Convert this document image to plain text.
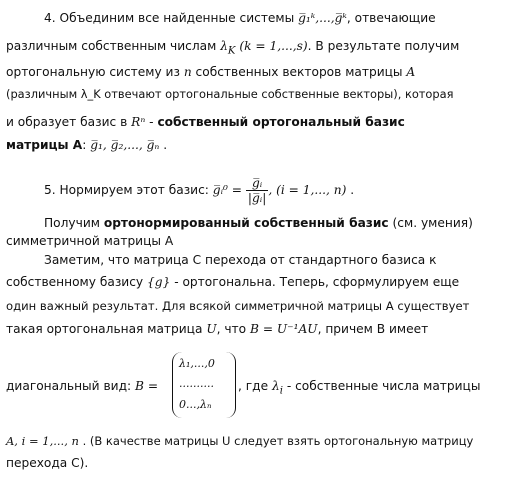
4. Объединим все найденные системы g̅₁ᵏ,...,g̅ᵏ, отвечающие
различным собственным числам $\lambda_K$ (k = 1,...,s). В результате получим
ортогональную систему из n собственных векторов матрицы A
(различным λ_K отвечают ортогональные собственные векторы), которая
и образует базис в Rⁿ - собственный ортогональный базис
матрицы A: g̅₁, g̅₂,..., g̅ₙ .
5. Нормируем этот базис: g̅ᵢ⁰ = $\frac{\text{g̅ᵢ}}{\text{|g̅ᵢ|}}$ , (i = 1,..., n) .
Получим ортонормированный собственный базис (см. умения)
симметричной матрицы A
Заметим, что матрица C перехода от стандартного базиса к
собственному базису {g} - ортогональна. Теперь, сформулируем еще
один важный результат. Для всякой симметричной матрицы A существует
такая ортогональная матрица U, что B = U⁻¹AU, причем B имеет
диагональный вид: B =
λ₁,...,0
..........
0...,λₙ
, где $\lambda_i$ - собственные числа матрицы
A, i = 1,..., n . (В качестве матрицы U следует взять ортогональную матрицу
перехода C).
